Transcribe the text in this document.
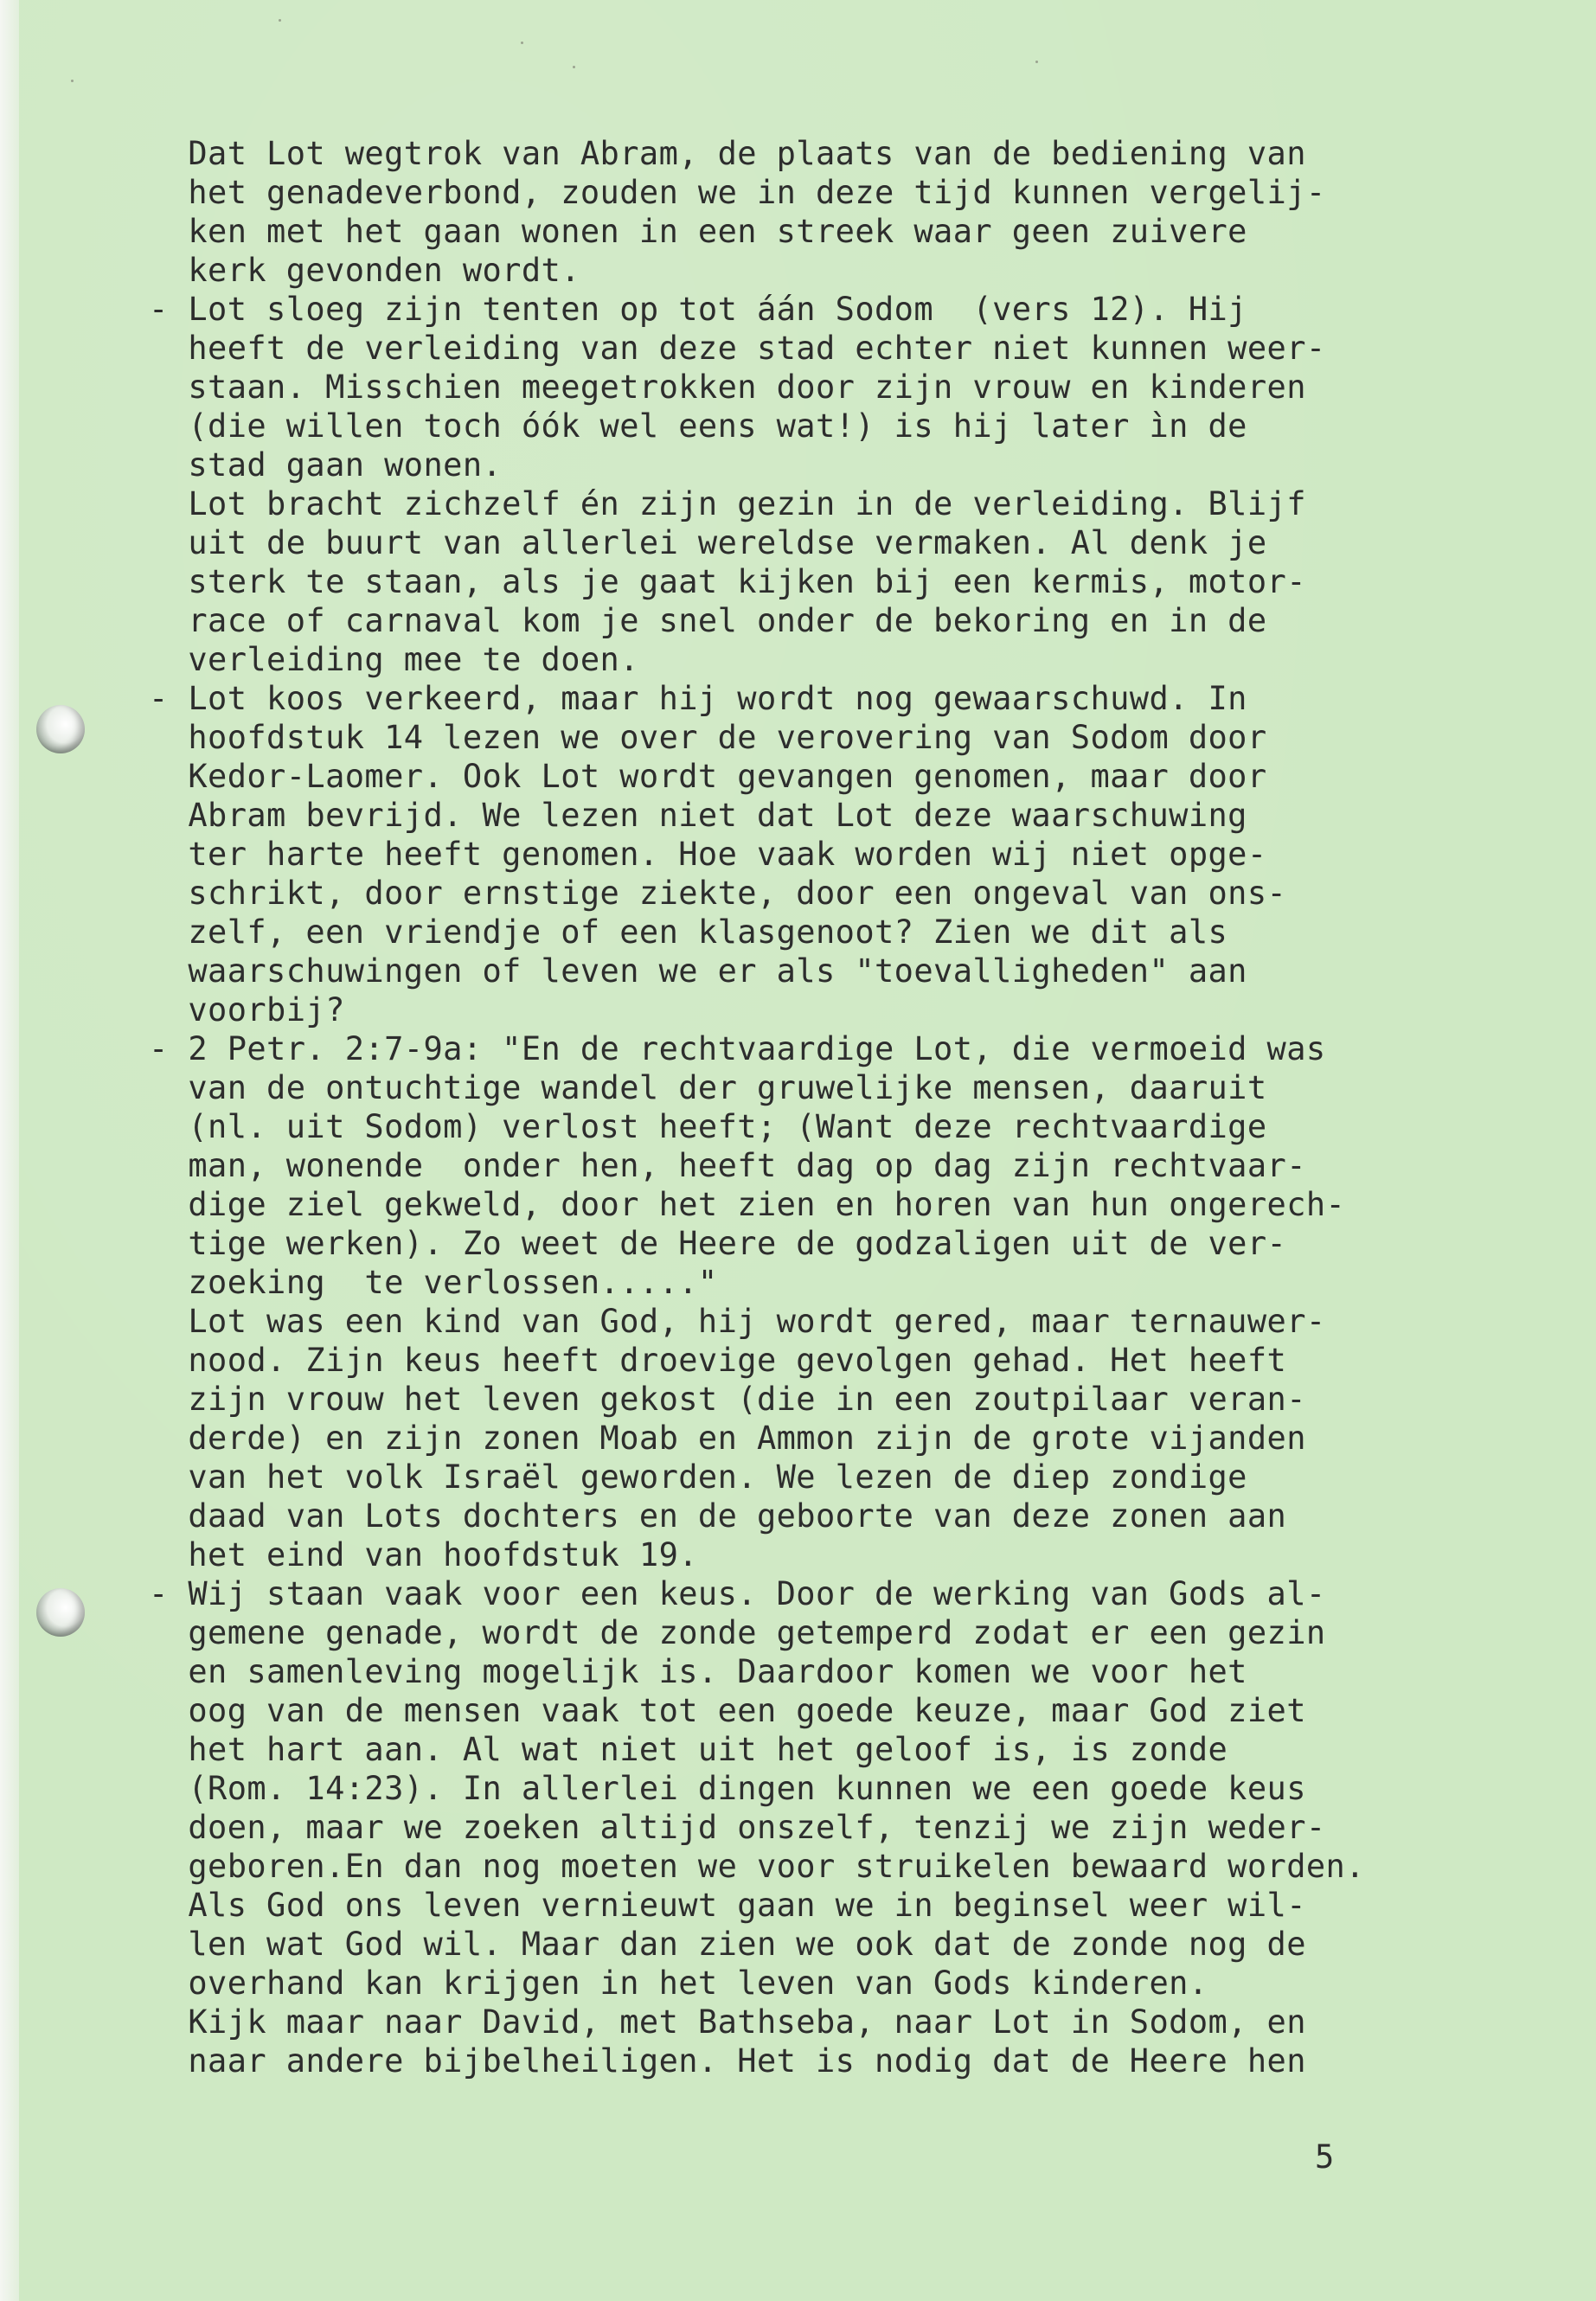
Dat Lot wegtrok van Abram, de plaats van de bediening van
het genadeverbond, zouden we in deze tijd kunnen vergelij-
ken met het gaan wonen in een streek waar geen zuivere
kerk gevonden wordt.
- Lot sloeg zijn tenten op tot áán Sodom  (vers 12). Hij
heeft de verleiding van deze stad echter niet kunnen weer-
staan. Misschien meegetrokken door zijn vrouw en kinderen
(die willen toch óók wel eens wat!) is hij later ìn de
stad gaan wonen.
Lot bracht zichzelf én zijn gezin in de verleiding. Blijf
uit de buurt van allerlei wereldse vermaken. Al denk je
sterk te staan, als je gaat kijken bij een kermis, motor-
race of carnaval kom je snel onder de bekoring en in de
verleiding mee te doen.
- Lot koos verkeerd, maar hij wordt nog gewaarschuwd. In
hoofdstuk 14 lezen we over de verovering van Sodom door
Kedor-Laomer. Ook Lot wordt gevangen genomen, maar door
Abram bevrijd. We lezen niet dat Lot deze waarschuwing
ter harte heeft genomen. Hoe vaak worden wij niet opge-
schrikt, door ernstige ziekte, door een ongeval van ons-
zelf, een vriendje of een klasgenoot? Zien we dit als
waarschuwingen of leven we er als "toevalligheden" aan
voorbij?
- 2 Petr. 2:7-9a: "En de rechtvaardige Lot, die vermoeid was
van de ontuchtige wandel der gruwelijke mensen, daaruit
(nl. uit Sodom) verlost heeft; (Want deze rechtvaardige
man, wonende  onder hen, heeft dag op dag zijn rechtvaar-
dige ziel gekweld, door het zien en horen van hun ongerech-
tige werken). Zo weet de Heere de godzaligen uit de ver-
zoeking  te verlossen....."
Lot was een kind van God, hij wordt gered, maar ternauwer-
nood. Zijn keus heeft droevige gevolgen gehad. Het heeft
zijn vrouw het leven gekost (die in een zoutpilaar veran-
derde) en zijn zonen Moab en Ammon zijn de grote vijanden
van het volk Israël geworden. We lezen de diep zondige
daad van Lots dochters en de geboorte van deze zonen aan
het eind van hoofdstuk 19.
- Wij staan vaak voor een keus. Door de werking van Gods al-
gemene genade, wordt de zonde getemperd zodat er een gezin
en samenleving mogelijk is. Daardoor komen we voor het
oog van de mensen vaak tot een goede keuze, maar God ziet
het hart aan. Al wat niet uit het geloof is, is zonde
(Rom. 14:23). In allerlei dingen kunnen we een goede keus
doen, maar we zoeken altijd onszelf, tenzij we zijn weder-
geboren.En dan nog moeten we voor struikelen bewaard worden.
Als God ons leven vernieuwt gaan we in beginsel weer wil-
len wat God wil. Maar dan zien we ook dat de zonde nog de
overhand kan krijgen in het leven van Gods kinderen.
Kijk maar naar David, met Bathseba, naar Lot in Sodom, en
naar andere bijbelheiligen. Het is nodig dat de Heere hen
5
